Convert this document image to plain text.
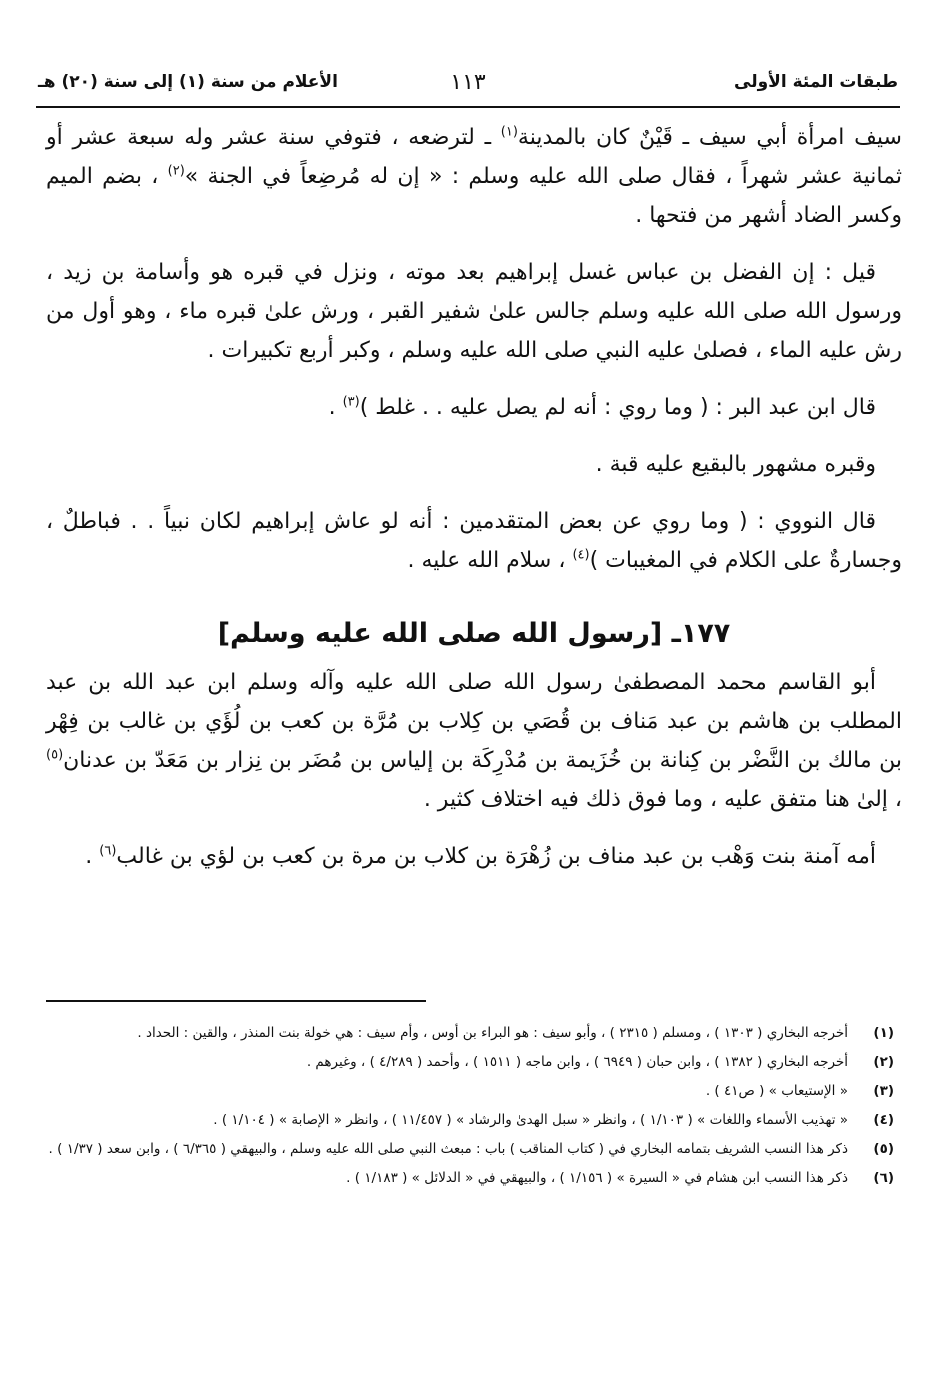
طبقات المئة الأولى
١١٣
الأعلام من سنة (١) إلى سنة (٢٠) هـ

سيف امرأة أبي سيف ـ قَيْنٌ كان بالمدينة$^{(١)}$ ـ لترضعه ، فتوفي سنة عشر وله سبعة عشر أو ثمانية عشر شهراً ، فقال صلى الله عليه وسلم : « إن له مُرضِعاً في الجنة »$^{(٢)}$ ، بضم الميم وكسر الضاد أشهر من فتحها .

قيل : إن الفضل بن عباس غسل إبراهيم بعد موته ، ونزل في قبره هو وأسامة بن زيد ، ورسول الله صلى الله عليه وسلم جالس علىٰ شفير القبر ، ورش علىٰ قبره ماء ، وهو أول من رش عليه الماء ، فصلىٰ عليه النبي صلى الله عليه وسلم ، وكبر أربع تكبيرات .

قال ابن عبد البر : ( وما روي : أنه لم يصل عليه . . غلط )$^{(٣)}$ .

وقبره مشهور بالبقيع عليه قبة .

قال النووي : ( وما روي عن بعض المتقدمين : أنه لو عاش إبراهيم لكان نبياً . . فباطلٌ ، وجسارةٌ على الكلام في المغيبات )$^{(٤)}$ ، سلام الله عليه .

١٧٧ـ [رسول الله صلى الله عليه وسلم]

أبو القاسم محمد المصطفىٰ رسول الله صلى الله عليه وآله وسلم ابن عبد الله بن عبد المطلب بن هاشم بن عبد مَناف بن قُصَي بن كِلاب بن مُرَّة بن كعب بن لُؤَي بن غالب بن فِهْر بن مالك بن النَّضْر بن كِنانة بن خُزَيمة بن مُدْرِكَة بن إلياس بن مُضَر بن نِزار بن مَعَدّ بن عدنان$^{(٥)}$ ، إلىٰ هنا متفق عليه ، وما فوق ذلك فيه اختلاف كثير .

أمه آمنة بنت وَهْب بن عبد مناف بن زُهْرَة بن كلاب بن مرة بن كعب بن لؤي بن غالب$^{(٦)}$ .

(١)
أخرجه البخاري ( ١٣٠٣ ) ، ومسلم ( ٢٣١٥ ) ، وأبو سيف : هو البراء بن أوس ، وأم سيف : هي خولة بنت المنذر ، والقين : الحداد .
(٢)
أخرجه البخاري ( ١٣٨٢ ) ، وابن حبان ( ٦٩٤٩ ) ، وابن ماجه ( ١٥١١ ) ، وأحمد ( ٤/٢٨٩ ) ، وغيرهم .
(٣)
« الإستيعاب » ( ص٤١ ) .
(٤)
« تهذيب الأسماء واللغات » ( ١/١٠٣ ) ، وانظر « سبل الهدىٰ والرشاد » ( ١١/٤٥٧ ) ، وانظر « الإصابة » ( ١/١٠٤ ) .
(٥)
ذكر هذا النسب الشريف بتمامه البخاري في ( كتاب المناقب ) باب : مبعث النبي صلى الله عليه وسلم ، والبيهقي ( ٦/٣٦٥ ) ، وابن سعد ( ١/٣٧ ) .
(٦)
ذكر هذا النسب ابن هشام في « السيرة » ( ١/١٥٦ ) ، والبيهقي في « الدلائل » ( ١/١٨٣ ) .
